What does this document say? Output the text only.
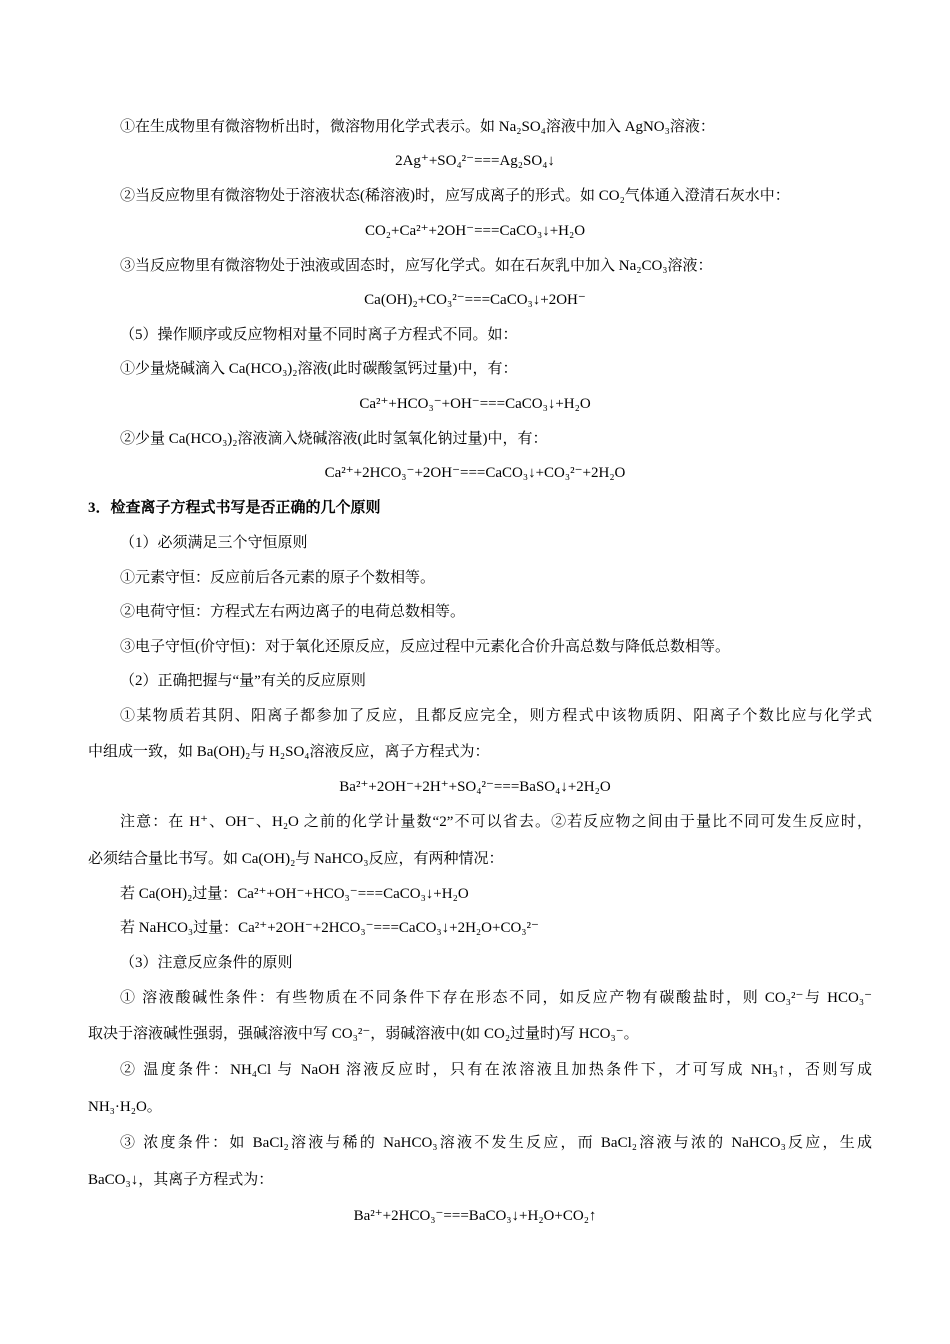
①在生成物里有微溶物析出时，微溶物用化学式表示。如 Na₂SO₄溶液中加入 AgNO₃溶液：
2Ag⁺+SO₄²⁻===Ag₂SO₄↓
②当反应物里有微溶物处于溶液状态(稀溶液)时，应写成离子的形式。如 CO₂气体通入澄清石灰水中：
CO₂+Ca²⁺+2OH⁻===CaCO₃↓+H₂O
③当反应物里有微溶物处于浊液或固态时，应写化学式。如在石灰乳中加入 Na₂CO₃溶液：
Ca(OH)₂+CO₃²⁻===CaCO₃↓+2OH⁻
（5）操作顺序或反应物相对量不同时离子方程式不同。如：
①少量烧碱滴入 Ca(HCO₃)₂溶液(此时碳酸氢钙过量)中，有：
Ca²⁺+HCO₃⁻+OH⁻===CaCO₃↓+H₂O
②少量 Ca(HCO₃)₂溶液滴入烧碱溶液(此时氢氧化钠过量)中，有：
Ca²⁺+2HCO₃⁻+2OH⁻===CaCO₃↓+CO₃²⁻+2H₂O
3．检查离子方程式书写是否正确的几个原则
（1）必须满足三个守恒原则
①元素守恒：反应前后各元素的原子个数相等。
②电荷守恒：方程式左右两边离子的电荷总数相等。
③电子守恒(价守恒)：对于氧化还原反应，反应过程中元素化合价升高总数与降低总数相等。
（2）正确把握与“量”有关的反应原则
①某物质若其阴、阳离子都参加了反应，且都反应完全，则方程式中该物质阴、阳离子个数比应与化学式
中组成一致，如 Ba(OH)₂与 H₂SO₄溶液反应，离子方程式为：
Ba²⁺+2OH⁻+2H⁺+SO₄²⁻===BaSO₄↓+2H₂O
注意：在 H⁺、OH⁻、H₂O 之前的化学计量数“2”不可以省去。②若反应物之间由于量比不同可发生反应时，
必须结合量比书写。如 Ca(OH)₂与 NaHCO₃反应，有两种情况：
若 Ca(OH)₂过量：Ca²⁺+OH⁻+HCO₃⁻===CaCO₃↓+H₂O
若 NaHCO₃过量：Ca²⁺+2OH⁻+2HCO₃⁻===CaCO₃↓+2H₂O+CO₃²⁻
（3）注意反应条件的原则
① 溶液酸碱性条件：有些物质在不同条件下存在形态不同，如反应产物有碳酸盐时，则 CO₃²⁻与 HCO₃⁻
取决于溶液碱性强弱，强碱溶液中写 CO₃²⁻，弱碱溶液中(如 CO₂过量时)写 HCO₃⁻。
② 温度条件：NH₄Cl 与 NaOH 溶液反应时，只有在浓溶液且加热条件下，才可写成 NH₃↑，否则写成
NH₃·H₂O。
③ 浓度条件：如 BaCl₂溶液与稀的 NaHCO₃溶液不发生反应，而 BaCl₂溶液与浓的 NaHCO₃反应，生成
BaCO₃↓，其离子方程式为：
Ba²⁺+2HCO₃⁻===BaCO₃↓+H₂O+CO₂↑
